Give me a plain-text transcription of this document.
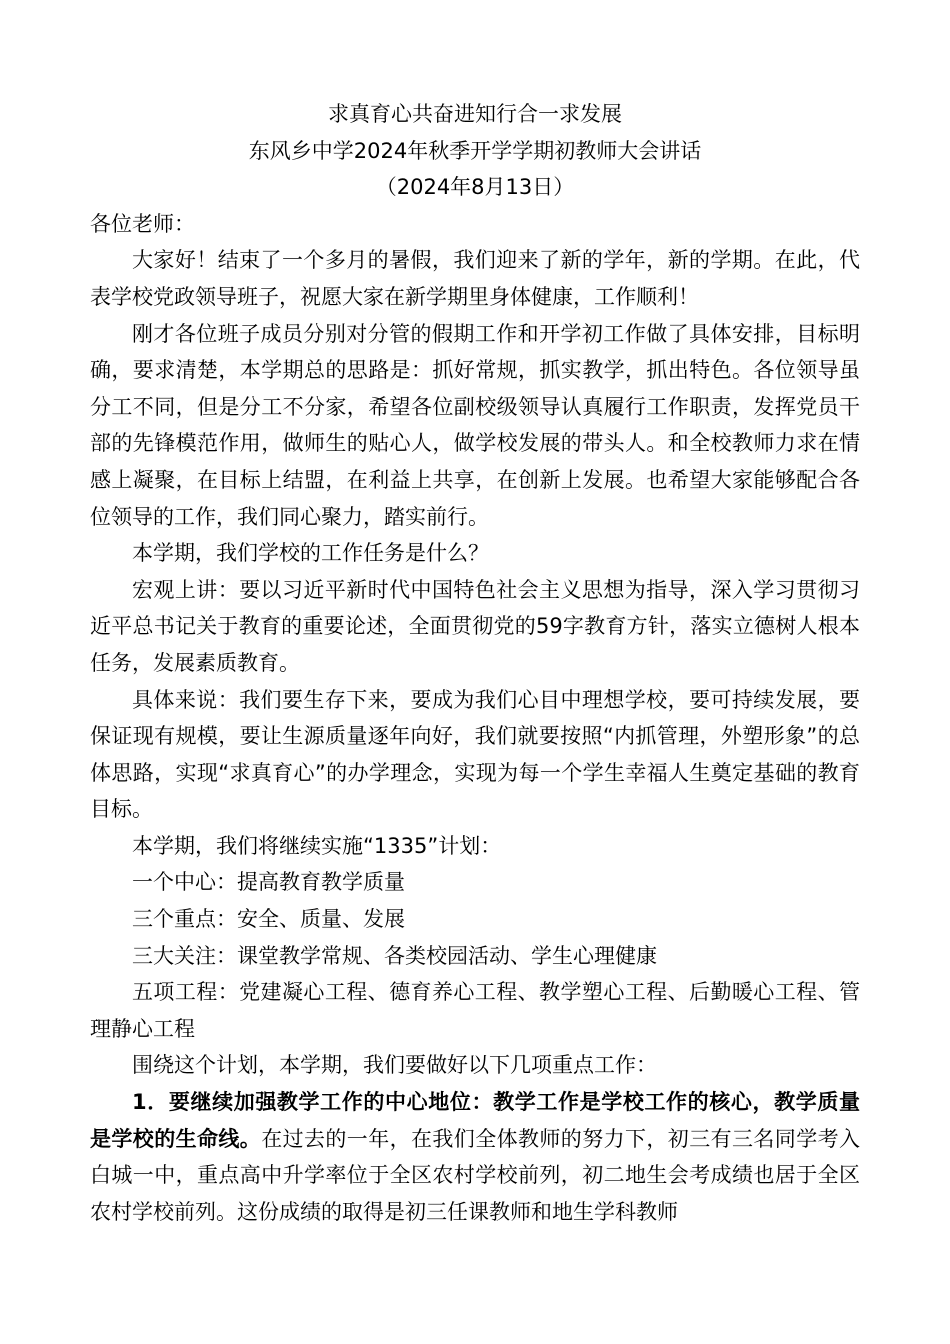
求真育心共奋进知行合一求发展

东风乡中学2024年秋季开学学期初教师大会讲话

（2024年8月13日）

各位老师：

大家好！结束了一个多月的暑假，我们迎来了新的学年，新的学期。在此，代表学校党政领导班子，祝愿大家在新学期里身体健康，工作顺利！

刚才各位班子成员分别对分管的假期工作和开学初工作做了具体安排，目标明确，要求清楚，本学期总的思路是：抓好常规，抓实教学，抓出特色。各位领导虽分工不同，但是分工不分家，希望各位副校级领导认真履行工作职责，发挥党员干部的先锋模范作用，做师生的贴心人，做学校发展的带头人。和全校教师力求在情感上凝聚，在目标上结盟，在利益上共享，在创新上发展。也希望大家能够配合各位领导的工作，我们同心聚力，踏实前行。

本学期，我们学校的工作任务是什么？

宏观上讲：要以习近平新时代中国特色社会主义思想为指导，深入学习贯彻习近平总书记关于教育的重要论述，全面贯彻党的59字教育方针，落实立德树人根本任务，发展素质教育。

具体来说：我们要生存下来，要成为我们心目中理想学校，要可持续发展，要保证现有规模，要让生源质量逐年向好，我们就要按照“内抓管理，外塑形象”的总体思路，实现“求真育心”的办学理念，实现为每一个学生幸福人生奠定基础的教育目标。

本学期，我们将继续实施“1335”计划：

一个中心：提高教育教学质量

三个重点：安全、质量、发展

三大关注：课堂教学常规、各类校园活动、学生心理健康

五项工程：党建凝心工程、德育养心工程、教学塑心工程、后勤暖心工程、管理静心工程

围绕这个计划，本学期，我们要做好以下几项重点工作：

1．要继续加强教学工作的中心地位：教学工作是学校工作的核心，教学质量是学校的生命线。在过去的一年，在我们全体教师的努力下，初三有三名同学考入白城一中，重点高中升学率位于全区农村学校前列，初二地生会考成绩也居于全区农村学校前列。这份成绩的取得是初三任课教师和地生学科教师
